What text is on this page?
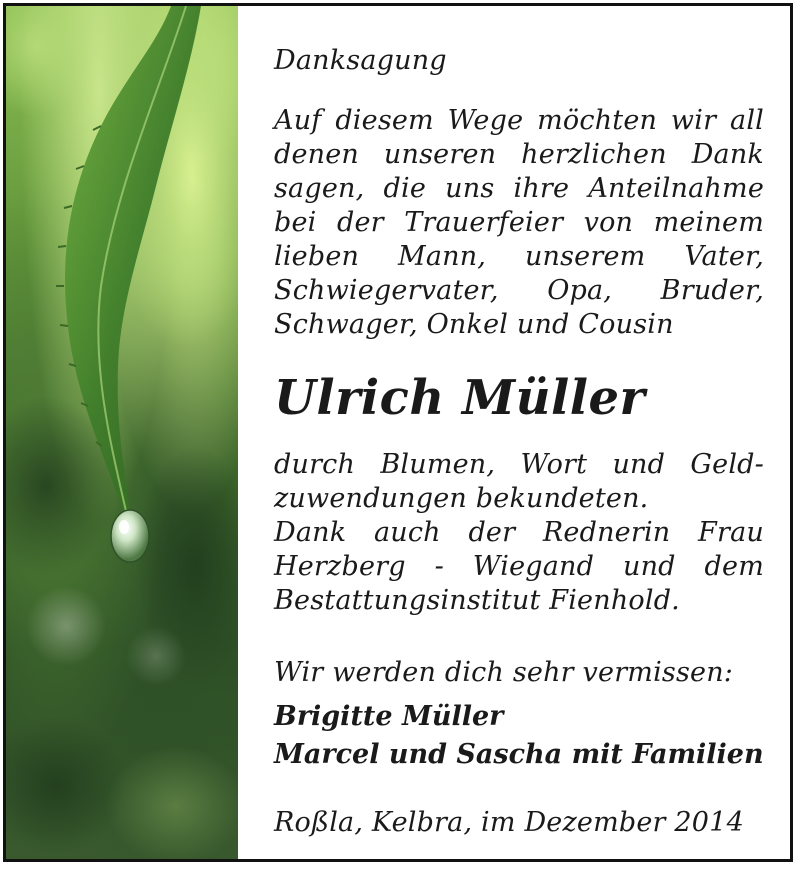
Danksagung
Auf diesem Wege möchten wir all
denen unseren herzlichen Dank
sagen, die uns ihre Anteilnahme
bei der Trauerfeier von meinem
lieben Mann, unserem Vater,
Schwiegervater, Opa, Bruder,
Schwager, Onkel und Cousin
Ulrich Müller
durch Blumen, Wort und Geld-
zuwendungen bekundeten.
Dank auch der Rednerin Frau
Herzberg - Wiegand und dem
Bestattungsinstitut Fienhold.
Wir werden dich sehr vermissen:
Brigitte Müller
Marcel und Sascha mit Familien
Roßla, Kelbra, im Dezember 2014
